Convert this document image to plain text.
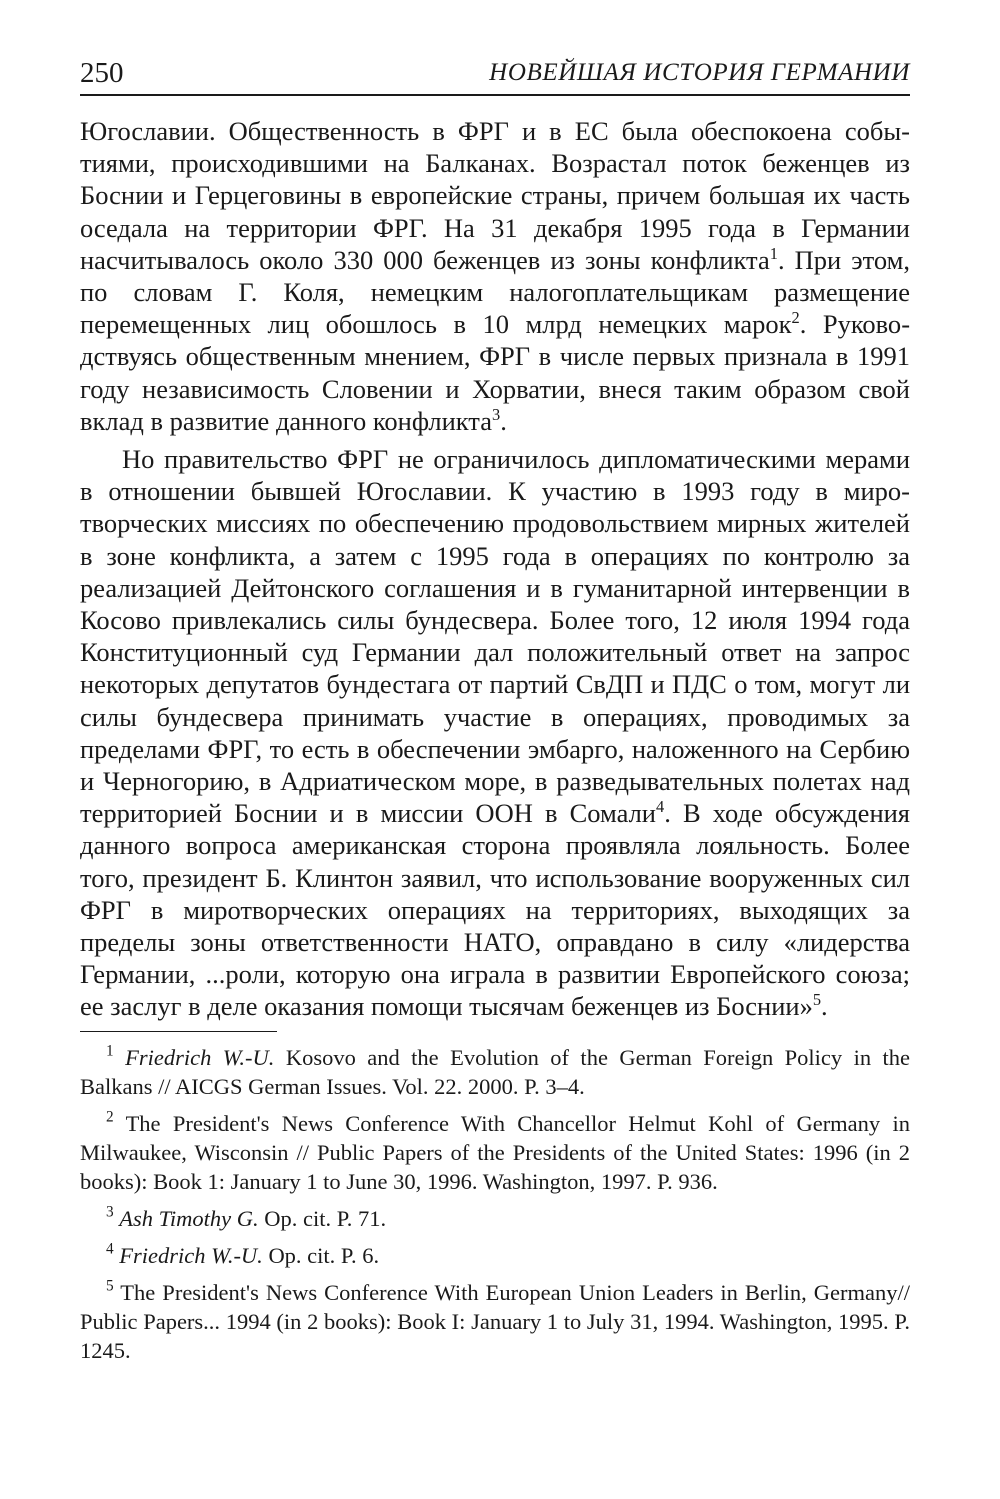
250	НОВЕЙШАЯ ИСТОРИЯ ГЕРМАНИИ

Югославии. Общественность в ФРГ и в ЕС была обеспокоена событиями, происходившими на Балканах. Возрастал поток беженцев из Боснии и Герцеговины в европейские страны, причем большая их часть оседала на территории ФРГ. На 31 декабря 1995 года в Германии насчитывалось около 330 000 беженцев из зоны конфликта$^1$. При этом, по словам Г. Коля, немецким налогоплательщикам размещение перемещенных лиц обошлось в 10 млрд немецких марок$^2$. Руководствуясь общественным мнением, ФРГ в числе первых признала в 1991 году независимость Словении и Хорватии, внеся таким образом свой вклад в развитие данного конфликта$^3$.

Но правительство ФРГ не ограничилось дипломатическими мерами в отношении бывшей Югославии. К участию в 1993 году в миротворческих миссиях по обеспечению продовольствием мирных жителей в зоне конфликта, а затем с 1995 года в операциях по контролю за реализацией Дейтонского соглашения и в гуманитарной интервенции в Косово привлекались силы бундесвера. Более того, 12 июля 1994 года Конституционный суд Германии дал положительный ответ на запрос некоторых депутатов бундестага от партий СвДП и ПДС о том, могут ли силы бундесвера принимать участие в операциях, проводимых за пределами ФРГ, то есть в обеспечении эмбарго, наложенного на Сербию и Черногорию, в Адриатическом море, в разведывательных полетах над территорией Боснии и в миссии ООН в Сомали$^4$. В ходе обсуждения данного вопроса американская сторона проявляла лояльность. Более того, президент Б. Клинтон заявил, что использование вооруженных сил ФРГ в миротворческих операциях на территориях, выходящих за пределы зоны ответственности НАТО, оправдано в силу «лидерства Германии, ...роли, которую она играла в развитии Европейского союза; ее заслуг в деле оказания помощи тысячам беженцев из Боснии»$^5$.

$^1$ Friedrich W.-U. Kosovo and the Evolution of the German Foreign Policy in the Balkans // AICGS German Issues. Vol. 22. 2000. P. 3–4.

$^2$ The President's News Conference With Chancellor Helmut Kohl of Germany in Milwaukee, Wisconsin // Public Papers of the Presidents of the United States: 1996 (in 2 books): Book 1: January 1 to June 30, 1996. Washington, 1997. P. 936.

$^3$ Ash Timothy G. Op. cit. P. 71.

$^4$ Friedrich W.-U. Op. cit. P. 6.

$^5$ The President's News Conference With European Union Leaders in Berlin, Germany// Public Papers... 1994 (in 2 books): Book I: January 1 to July 31, 1994. Washington, 1995. P. 1245.
